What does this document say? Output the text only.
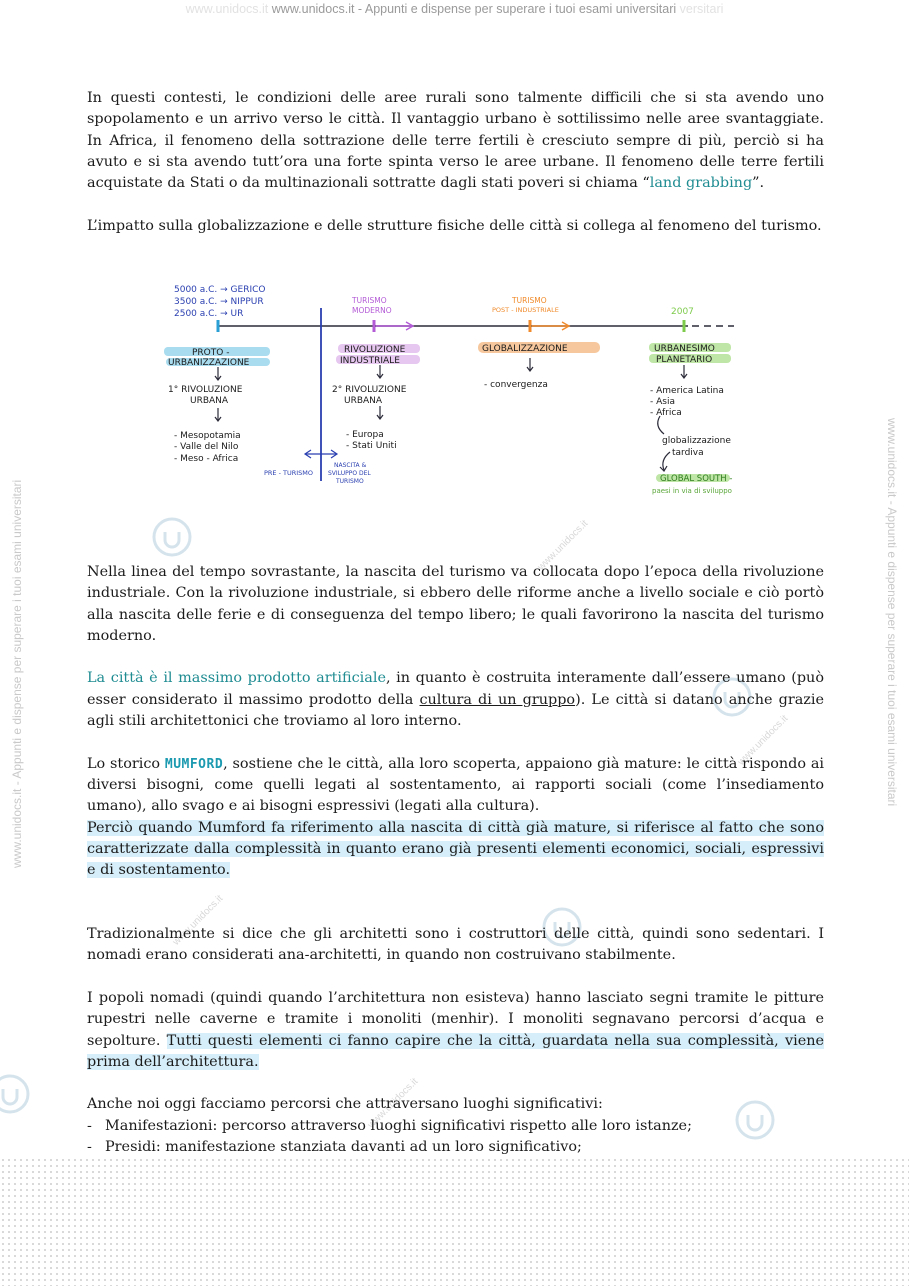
www.unidocs.it www.unidocs.it - Appunti e dispense per superare i tuoi esami universitari versitari
www.unidocs.it - Appunti e dispense per superare i tuoi esami universitari	www.unidocs.it - Appunti e dispense per superare i tuoi esami universitari
www.unidocs.it
www.unidocs.it
www.unidocs.it
www.unidocs.it

In questi contesti, le condizioni delle aree rurali sono talmente difficili che si sta avendo uno spopolamento e un arrivo verso le città. Il vantaggio urbano è sottilissimo nelle aree svantaggiate. In Africa, il fenomeno della sottrazione delle terre fertili è cresciuto sempre di più, perciò si ha avuto e si sta avendo tutt’ora una forte spinta verso le aree urbane. Il fenomeno delle terre fertili acquistate da Stati o da multinazionali sottratte dagli stati poveri si chiama “land grabbing”.

L’impatto sulla globalizzazione e delle strutture fisiche delle città si collega al fenomeno del turismo.

5000 a.C. → GERICO
3500 a.C. → NIPPUR
2500 a.C. → UR
PROTO -
URBANIZZAZIONE
1° RIVOLUZIONE
URBANA
- Mesopotamia
- Valle del Nilo
- Meso - Africa
PRE - TURISMO
TURISMO
MODERNO
RIVOLUZIONE
INDUSTRIALE
2° RIVOLUZIONE
URBANA
- Europa
- Stati Uniti
NASCITA &
SVILUPPO DEL
TURISMO
TURISMO
POST - INDUSTRIALE
GLOBALIZZAZIONE
- convergenza
2007
URBANESIMO
PLANETARIO
- America Latina
- Asia
- Africa
globalizzazione
tardiva
GLOBAL SOUTH -
paesi in via di sviluppo

Nella linea del tempo sovrastante, la nascita del turismo va collocata dopo l’epoca della rivoluzione industriale. Con la rivoluzione industriale, si ebbero delle riforme anche a livello sociale e ciò portò alla nascita delle ferie e di conseguenza del tempo libero; le quali favorirono la nascita del turismo moderno.

La città è il massimo prodotto artificiale, in quanto è costruita interamente dall’essere umano (può esser considerato il massimo prodotto della cultura di un gruppo). Le città si datano anche grazie agli stili architettonici che troviamo al loro interno.

Lo storico MUMFORD, sostiene che le città, alla loro scoperta, appaiono già mature: le città rispondo ai diversi bisogni, come quelli legati al sostentamento, ai rapporti sociali (come l’insediamento umano), allo svago e ai bisogni espressivi (legati alla cultura).
Perciò quando Mumford fa riferimento alla nascita di città già mature, si riferisce al fatto che sono caratterizzate dalla complessità in quanto erano già presenti elementi economici, sociali, espressivi e di sostentamento.

Tradizionalmente si dice che gli architetti sono i costruttori delle città, quindi sono sedentari. I nomadi erano considerati ana-architetti, in quando non costruivano stabilmente.

I popoli nomadi (quindi quando l’architettura non esisteva) hanno lasciato segni tramite le pitture rupestri nelle caverne e tramite i monoliti (menhir). I monoliti segnavano percorsi d’acqua e sepolture. Tutti questi elementi ci fanno capire che la città, guardata nella sua complessità, viene prima dell’architettura.

Anche noi oggi facciamo percorsi che attraversano luoghi significativi:

- Manifestazioni: percorso attraverso luoghi significativi rispetto alle loro istanze;
- Presidi: manifestazione stanziata davanti ad un loro significativo;
